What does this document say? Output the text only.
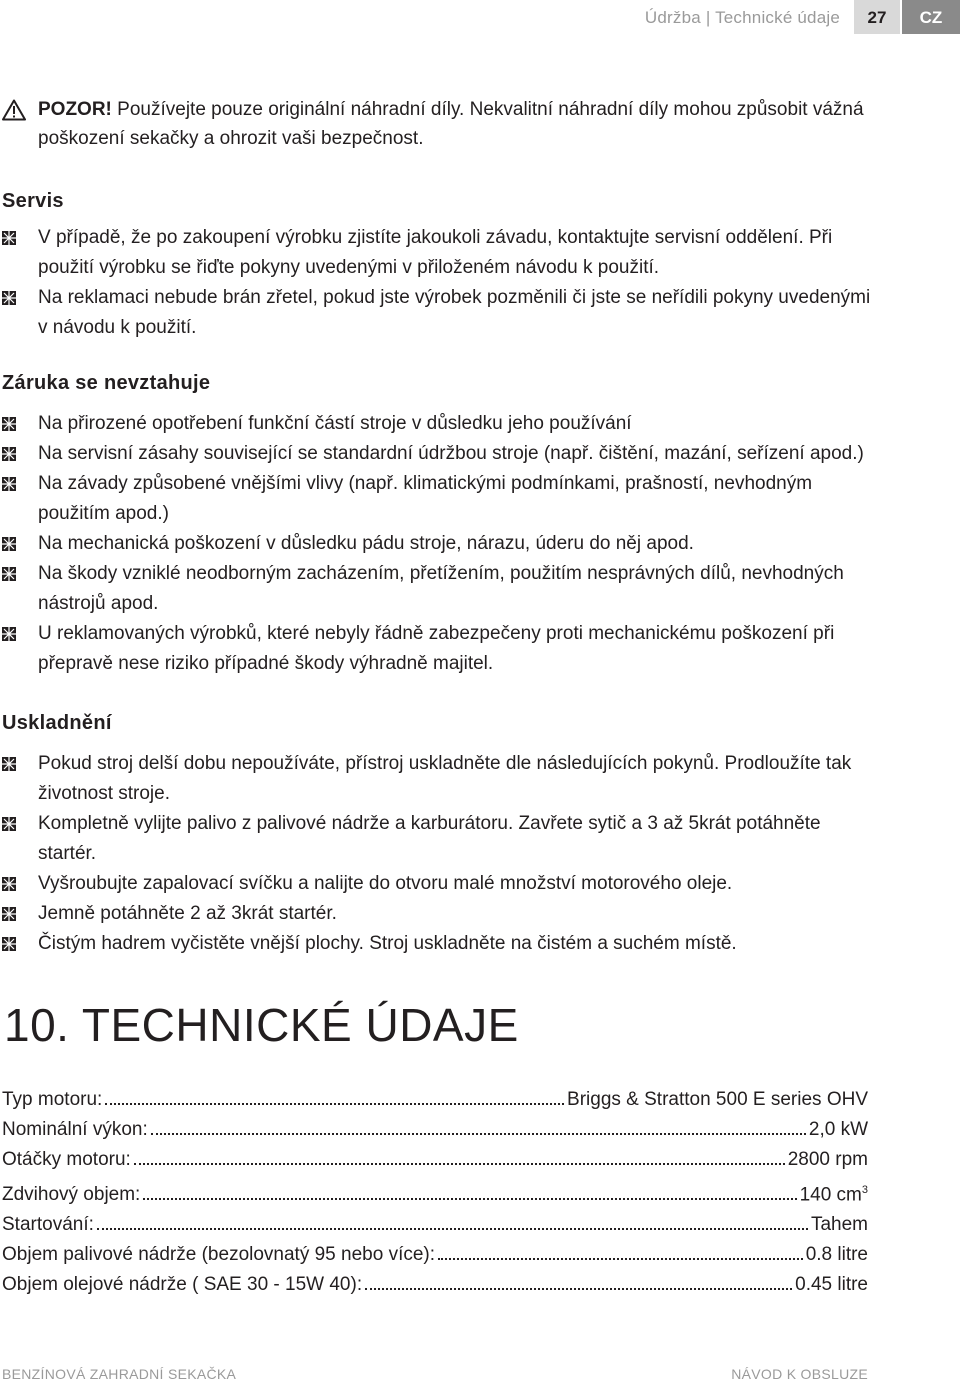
Údržba | Technické údaje	27	CZ
POZOR! Používejte pouze originální náhradní díly. Nekvalitní náhradní díly mohou způsobit vážná poškození sekačky a ohrozit vaši bezpečnost.
Servis
V případě, že po zakoupení výrobku zjistíte jakoukoli závadu, kontaktujte servisní oddělení. Při použití výrobku se řiďte pokyny uvedenými v přiloženém návodu k použití.
Na reklamaci nebude brán zřetel, pokud jste výrobek pozměnili či jste se neřídili pokyny uvedenými v návodu k použití.
Záruka se nevztahuje
Na přirozené opotřebení funkční částí stroje v důsledku jeho používání
Na servisní zásahy související se standardní údržbou stroje (např. čištění, mazání, seřízení apod.)
Na závady způsobené vnějšími vlivy (např. klimatickými podmínkami, prašností, nevhodným použitím apod.)
Na mechanická poškození v důsledku pádu stroje, nárazu, úderu do něj apod.
Na škody vzniklé neodborným zacházením, přetížením, použitím nesprávných dílů, nevhodných nástrojů apod.
U reklamovaných výrobků, které nebyly řádně zabezpečeny proti mechanickému poškození při přepravě nese riziko případné škody výhradně majitel.
Uskladnění
Pokud stroj delší dobu nepoužíváte, přístroj uskladněte dle následujících pokynů. Prodloužíte tak životnost stroje.
Kompletně vylijte palivo z palivové nádrže a karburátoru. Zavřete sytič a 3 až 5krát potáhněte startér.
Vyšroubujte zapalovací svíčku a nalijte do otvoru malé množství motorového oleje.
Jemně potáhněte 2 až 3krát startér.
Čistým hadrem vyčistěte vnější plochy. Stroj uskladněte na čistém a suchém místě.
10. TECHNICKÉ ÚDAJE
Typ motoru:	Briggs & Stratton 500 E series OHV
Nominální výkon:	2,0 kW
Otáčky motoru:	2800 rpm
Zdvihový objem:	140 $cm^3$
Startování:	Tahem
Objem palivové nádrže (bezolovnatý 95 nebo více):	0.8 litre
Objem olejové nádrže ( SAE 30 - 15W 40):	0.45 litre
BENZÍNOVÁ ZAHRADNÍ SEKAČKA	NÁVOD K OBSLUZE
